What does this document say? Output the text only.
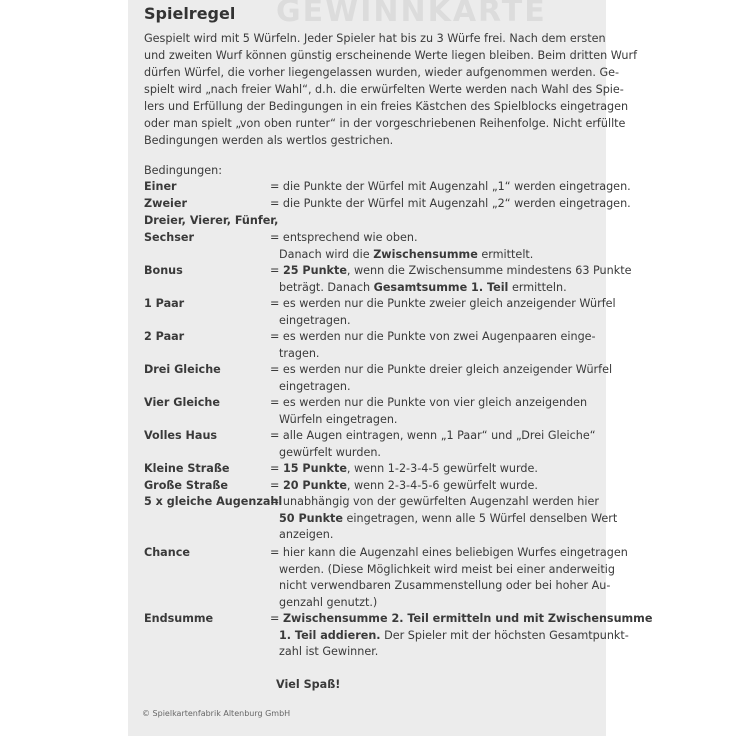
GEWINNKARTE
Spielregel

Gespielt wird mit 5 Würfeln. Jeder Spieler hat bis zu 3 Würfe frei. Nach dem ersten
und zweiten Wurf können günstig erscheinende Werte liegen bleiben. Beim dritten Wurf
dürfen Würfel, die vorher liegengelassen wurden, wieder aufgenommen werden. Ge-
spielt wird „nach freier Wahl“, d.h. die erwürfelten Werte werden nach Wahl des Spie-
lers und Erfüllung der Bedingungen in ein freies Kästchen des Spielblocks eingetragen
oder man spielt „von oben runter“ in der vorgeschriebenen Reihenfolge. Nicht erfüllte
Bedingungen werden als wertlos gestrichen.

Bedingungen:
Einer	= die Punkte der Würfel mit Augenzahl „1“ werden eingetragen.
Zweier	= die Punkte der Würfel mit Augenzahl „2“ werden eingetragen.
Dreier, Vierer, Fünfer,
Sechser	= entsprechend wie oben.
Danach wird die Zwischensumme ermittelt.
Bonus	= 25 Punkte, wenn die Zwischensumme mindestens 63 Punkte
beträgt. Danach Gesamtsumme 1. Teil ermitteln.
1 Paar	= es werden nur die Punkte zweier gleich anzeigender Würfel
eingetragen.
2 Paar	= es werden nur die Punkte von zwei Augenpaaren einge-
tragen.
Drei Gleiche	= es werden nur die Punkte dreier gleich anzeigender Würfel
eingetragen.
Vier Gleiche	= es werden nur die Punkte von vier gleich anzeigenden
Würfeln eingetragen.
Volles Haus	= alle Augen eintragen, wenn „1 Paar“ und „Drei Gleiche“
gewürfelt wurden.
Kleine Straße	= 15 Punkte, wenn 1-2-3-4-5 gewürfelt wurde.
Große Straße	= 20 Punkte, wenn 2-3-4-5-6 gewürfelt wurde.
5 x gleiche Augenzahl
= unabhängig von der gewürfelten Augenzahl werden hier
50 Punkte eingetragen, wenn alle 5 Würfel denselben Wert
anzeigen.
Chance	= hier kann die Augenzahl eines beliebigen Wurfes eingetragen
werden. (Diese Möglichkeit wird meist bei einer anderweitig
nicht verwendbaren Zusammenstellung oder bei hoher Au-
genzahl genutzt.)
Endsumme	= Zwischensumme 2. Teil ermitteln und mit Zwischensumme
1. Teil addieren. Der Spieler mit der höchsten Gesamtpunkt-
zahl ist Gewinner.
Viel Spaß!
© Spielkartenfabrik Altenburg GmbH
